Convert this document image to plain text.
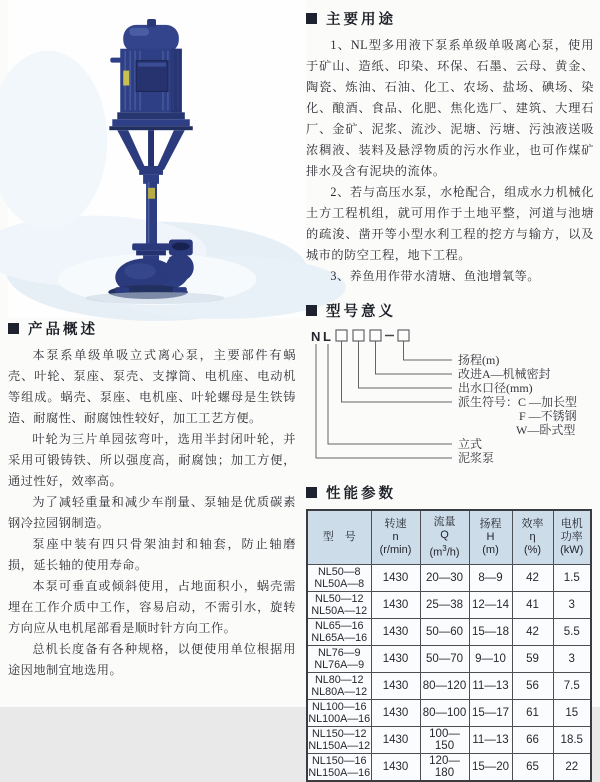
产品概述

本泵系单级单吸立式离心泵，主要部件有蜗壳、叶轮、泵座、泵壳、支撑筒、电机座、电动机等组成。蜗壳、泵座、电机座、叶轮螺母是生铁铸造、耐腐性、耐腐蚀性较好，加工工艺方便。

叶轮为三片单园弦弯叶，选用半封闭叶轮，并采用可锻铸铁、所以强度高，耐腐蚀；加工方便，通过性好，效率高。

为了减轻重量和减少车削量、泵轴是优质碳素钢冷拉园钢制造。

泵座中装有四只骨架油封和轴套，防止轴磨损，延长轴的使用寿命。

本泵可垂直或倾斜使用，占地面积小，蜗壳需埋在工作介质中工作，容易启动，不需引水，旋转方向应从电机尾部看是顺时针方向工作。

总机长度备有各种规格，以便使用单位根据用途因地制宜地选用。

主要用途

1、NL型多用液下泵系单级单吸离心泵，使用于矿山、造纸、印染、环保、石墨、云母、黄金、陶瓷、炼油、石油、化工、农场、盐场、碘场、染化、酿酒、食品、化肥、焦化选厂、建筑、大理石厂、金矿、泥浆、流沙、泥塘、污塘、污浊液送吸浓稠液、装料及悬浮物质的污水作业，也可作煤矿排水及含有泥块的流体。

2、若与高压水泵，水枪配合，组成水力机械化土方工程机组，就可用作于土地平整，河道与池塘的疏浚、凿开等小型水利工程的挖方与输方，以及城市的防空工程，地下工程。

3、养鱼用作带水清塘、鱼池增氧等。

型号意义
N L
扬程(m)
改进A—机械密封
出水口径(mm)
派生符号：C —加长型
F —不锈钢
W—卧式型
立式
泥浆泵
性能参数
型　号	转速
n
(r/min)	流量
Q
$(m^3/h)$	扬程
H
(m)	效率
η
(%)	电机
功率
(kW)

NL50—8
NL50A—8	1430	20—30	8—9	42	1.5

NL50—12
NL50A—12	1430	25—38	12—14	41	3

NL65—16
NL65A—16	1430	50—60	15—18	42	5.5

NL76—9
NL76A—9	1430	50—70	9—10	59	3

NL80—12
NL80A—12	1430	80—120	11—13	56	7.5

NL100—16
NL100A—16	1430	80—100	15—17	61	15

NL150—12
NL150A—12	1430	100—150	11—13	66	18.5

NL150—16
NL150A—16	1430	120—180	15—20	65	22
